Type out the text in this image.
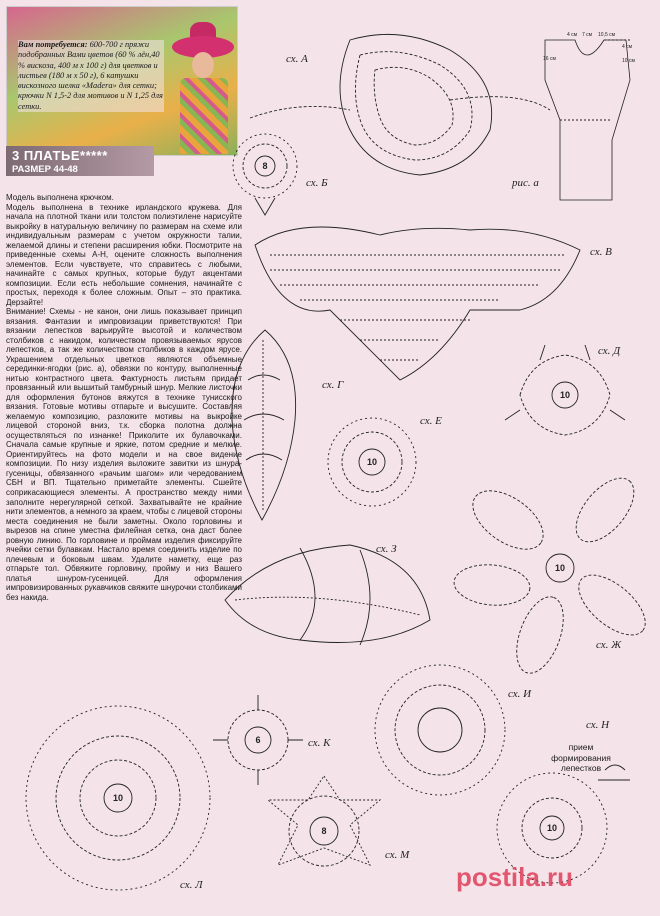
Вам потребуется: 600-700 г пряжи подобранных Вами цветов (60 % лён,40 % вискоза, 400 м х 100 г) для цветков и листьев (180 м х 50 г), 6 катушки вискозного шелка «Madera» для сетки; крючки N 1,5-2 для мотивов и N 1,25 для сетки.
3 ПЛАТЬЕ*****
РАЗМЕР 44-48

Модель выполнена крючком.

Модель выполнена в технике ирландского кружева. Для начала на плотной ткани или толстом полиэтилене нарисуйте выкройку в натуральную величину по размерам на схеме или индивидуальным размерам с учетом окружности талии, желаемой длины и степени расширения юбки. Посмотрите на приведенные схемы А-Н, оцените сложность выполнения элементов. Если чувствуете, что справитесь с любыми, начинайте с самых крупных, которые будут акцентами композиции. Если есть небольшие сомнения, начинайте с простых, переходя к более сложным. Опыт – это практика. Дерзайте!

Внимание! Схемы - не канон, они лишь показывает принцип вязания. Фантазии и импровизации приветствуются! При вязании лепестков варьируйте высотой и количеством столбиков с накидом, количеством провязываемых ярусов лепестков, а так же количеством столбиков в каждом ярусе. Украшением отдельных цветков являются объемные серединки-ягодки (рис. а), обвязки по контуру, выполненные нитью контрастного цвета. Фактурность листьям придает провязанный или вышитый тамбурный шнур. Мелкие листочки для оформления бутонов вяжутся в технике тунисского вязания. Готовые мотивы отпарьте и высушите. Составляя желаемую композицию, разложите мотивы на выкройке лицевой стороной вниз, т.к. сборка полотна должна осуществляться по изнанке! Приколите их булавочками. Сначала самые крупные и яркие, потом средние и мелкие. Ориентируйтесь на фото модели и на свое видение композиции. По низу изделия выложите завитки из шнура-гусеницы, обвязанного «рачьим шагом» или чередованием СБН и ВП. Тщательно приметайте элементы. Сшейте соприкасающиеся элементы. А пространство между ними заполните нерегулярной сеткой. Захватывайте не крайние нити элементов, а немного за краем, чтобы с лицевой стороны места соединения не были заметны. Около горловины и вырезов на спине уместна филейная сетка, она даст более ровную линию. По горловине и проймам изделия фиксируйте ячейки сетки булавкам. Настало время соединить изделие по плечевым и боковым швам. Удалите наметку, еще раз отпарьте тол. Обвяжите горловину, пройму и низ Вашего платья шнуром-гусеницей. Для оформления импровизированных рукавчиков свяжите шнурочки столбиками без накида.

4 см 7 см 10,5 см
4 см
10 см
16 см
сх. А
сх. Б	рис. а
сх. В
сх. Г
сх. Д
сх. Е
сх. З
сх. Ж
сх. И
сх. К
сх. Н
сх. М
сх. Л
8
10
10
10
6
10
8	10
прием формирования лепестков
postila.ru
